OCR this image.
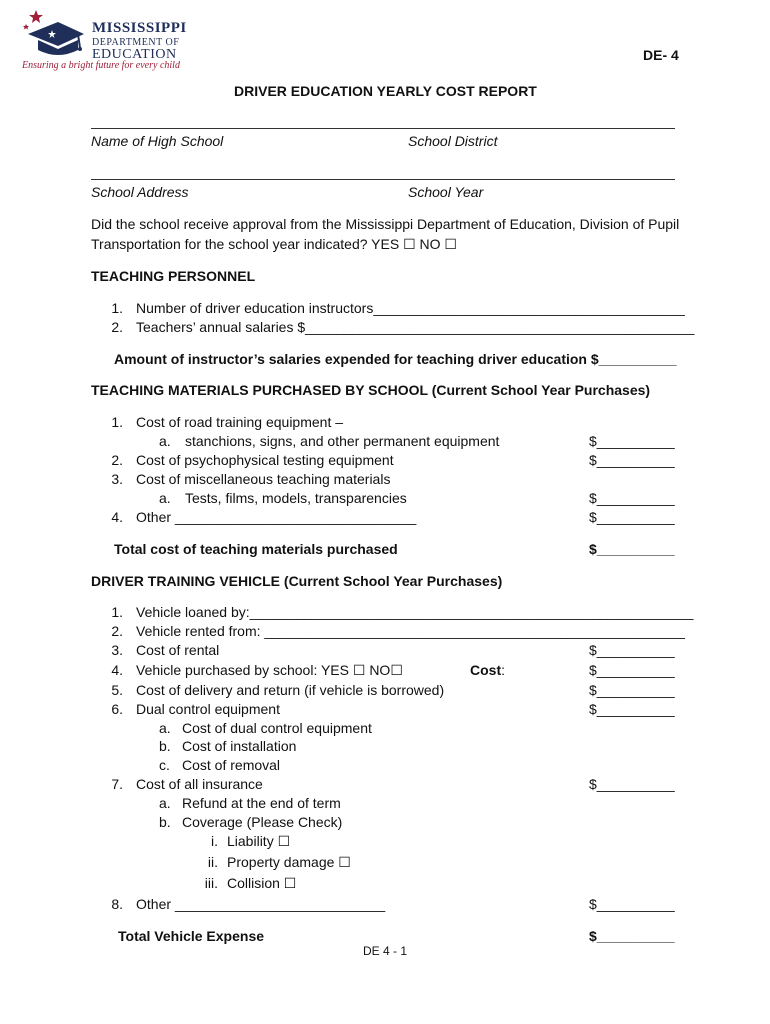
MISSISSIPPI
DEPARTMENT OF
EDUCATION
Ensuring a bright future for every child
DE- 4
DRIVER EDUCATION YEARLY COST REPORT
Name of High School	School District
School Address	School Year
Did the school receive approval from the Mississippi Department of Education, Division of Pupil
Transportation for the school year indicated? YES ☐ NO ☐
TEACHING PERSONNEL
1. Number of driver education instructors________________________________________
2. Teachers’ annual salaries $__________________________________________________
Amount of instructor’s salaries expended for teaching driver education $__________
TEACHING MATERIALS PURCHASED BY SCHOOL (Current School Year Purchases)
1. Cost of road training equipment –
a. stanchions, signs, and other permanent equipment	$__________
2. Cost of psychophysical testing equipment	$__________
3. Cost of miscellaneous teaching materials
a. Tests, films, models, transparencies	$__________
4. Other _______________________________	$__________
Total cost of teaching materials purchased	$__________
DRIVER TRAINING VEHICLE (Current School Year Purchases)
1. Vehicle loaned by:_________________________________________________________
2. Vehicle rented from: ______________________________________________________
3. Cost of rental	$__________
4. Vehicle purchased by school: YES ☐ NO☐	Cost:	$__________
5. Cost of delivery and return (if vehicle is borrowed)	$__________
6. Dual control equipment	$__________
a. Cost of dual control equipment
b. Cost of installation
c. Cost of removal
7. Cost of all insurance	$__________
a. Refund at the end of term
b. Coverage (Please Check)
i. Liability ☐
ii. Property damage ☐
iii. Collision ☐
8. Other ___________________________	$__________
Total Vehicle Expense	$__________
DE 4 - 1
